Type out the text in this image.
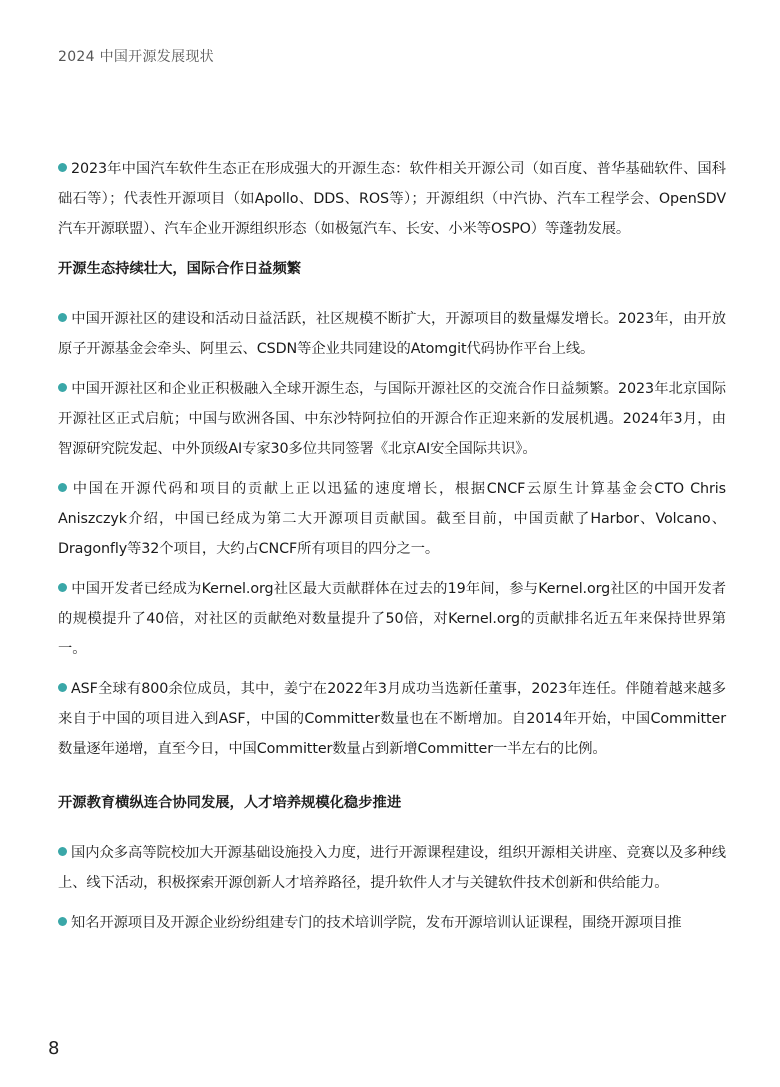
2024 中国开源发展现状

2023年中国汽车软件生态正在形成强大的开源生态：软件相关开源公司（如百度、普华基础软件、国科础石等）；代表性开源项目（如Apollo、DDS、ROS等）；开源组织（中汽协、汽车工程学会、OpenSDV汽车开源联盟）、汽车企业开源组织形态（如极氪汽车、长安、小米等OSPO）等蓬勃发展。

开源生态持续壮大，国际合作日益频繁

中国开源社区的建设和活动日益活跃，社区规模不断扩大，开源项目的数量爆发增长。2023年，由开放原子开源基金会牵头、阿里云、CSDN等企业共同建设的Atomgit代码协作平台上线。

中国开源社区和企业正积极融入全球开源生态，与国际开源社区的交流合作日益频繁。2023年北京国际开源社区正式启航；中国与欧洲各国、中东沙特阿拉伯的开源合作正迎来新的发展机遇。2024年3月，由智源研究院发起、中外顶级AI专家30多位共同签署《北京AI安全国际共识》。

中国在开源代码和项目的贡献上正以迅猛的速度增长，根据CNCF云原生计算基金会CTO Chris Aniszczyk介绍，中国已经成为第二大开源项目贡献国。截至目前，中国贡献了Harbor、Volcano、Dragonfly等32个项目，大约占CNCF所有项目的四分之一。

中国开发者已经成为Kernel.org社区最大贡献群体在过去的19年间，参与Kernel.org社区的中国开发者的规模提升了40倍，对社区的贡献绝对数量提升了50倍，对Kernel.org的贡献排名近五年来保持世界第一。

ASF全球有800余位成员，其中，姜宁在2022年3月成功当选新任董事，2023年连任。伴随着越来越多来自于中国的项目进入到ASF，中国的Committer数量也在不断增加。自2014年开始，中国Committer数量逐年递增，直至今日，中国Committer数量占到新增Committer一半左右的比例。

开源教育横纵连合协同发展，人才培养规模化稳步推进

国内众多高等院校加大开源基础设施投入力度，进行开源课程建设，组织开源相关讲座、竞赛以及多种线上、线下活动，积极探索开源创新人才培养路径，提升软件人才与关键软件技术创新和供给能力。

知名开源项目及开源企业纷纷组建专门的技术培训学院，发布开源培训认证课程，围绕开源项目推

8
